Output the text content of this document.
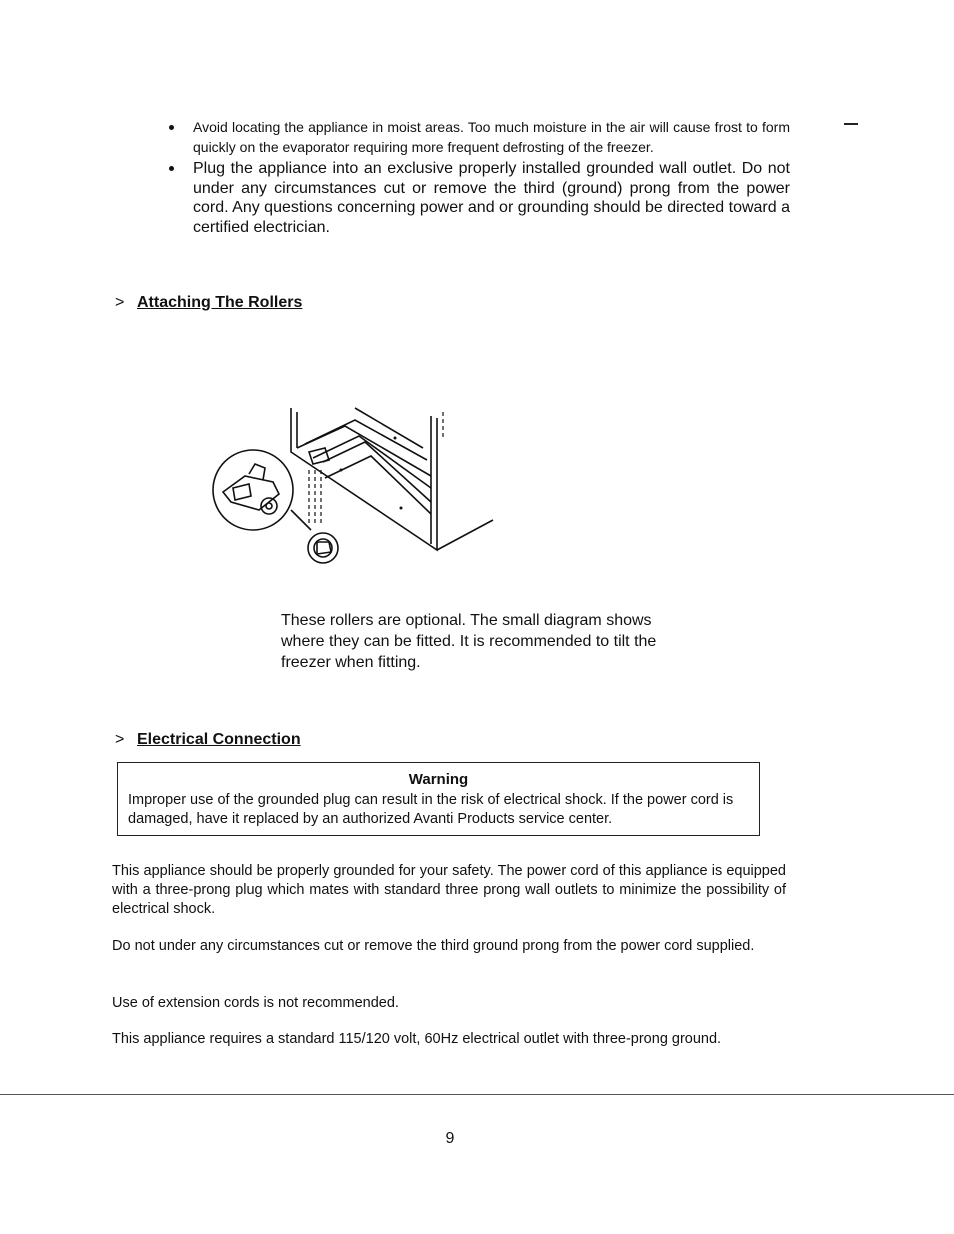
Avoid locating the appliance in moist areas. Too much moisture in the air will cause frost to form quickly on the evaporator requiring more frequent defrosting of the freezer.
Plug the appliance into an exclusive properly installed grounded wall outlet. Do not under any circumstances cut or remove the third (ground) prong from the power cord. Any questions concerning power and or grounding should be directed toward a certified electrician.
> Attaching The Rollers
These rollers are optional. The small diagram shows where they can be fitted. It is recommended to tilt the freezer when fitting.
> Electrical Connection
Warning
Improper use of the grounded plug can result in the risk of electrical shock. If the power cord is damaged, have it replaced by an authorized Avanti Products service center.
This appliance should be properly grounded for your safety. The power cord of this appliance is equipped with a three-prong plug which mates with standard three prong wall outlets to minimize the possibility of electrical shock.
Do not under any circumstances cut or remove the third ground prong from the power cord supplied.
Use of extension cords is not recommended.
This appliance requires a standard 115/120 volt, 60Hz electrical outlet with three-prong ground.
9
